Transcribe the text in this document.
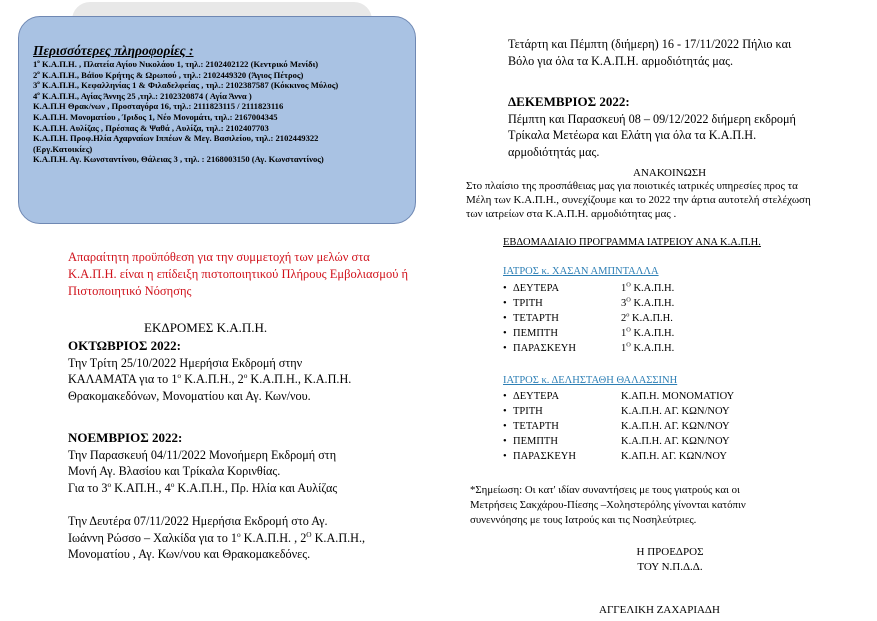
Περισσότερες πληροφορίες :
$1^o$ Κ.Α.Π.Η. , Πλατεία Αγίου Νικολάου 1, τηλ.: 2102402122 (Κεντρικό Μενίδι)
$2^o$ Κ.Α.Π.Η., Βάϊου Κρήτης & Ωρωπού , τηλ.: 2102449320 (Άγιος Πέτρος)
$3^o$ Κ.Α.Π.Η., Κεφαλληνίας 1 & Φιλαδελφείας , τηλ.: 2102387587 (Κόκκινος Μύλος)
$4^o$ Κ.Α.Π.Η., Αγίας Άννης 25 ,τηλ.: 2102320874 ( Αγία Άννα )
Κ.Α.Π.Η Θρακ/νων , Προσταγόρα 16, τηλ.: 2111823115 / 2111823116
Κ.Α.Π.Η. Μονοματίου , Ίριδος 1, Νέο Μονομάτι, τηλ.: 2167004345
Κ.Α.Π.Η. Αυλίζας , Πρέσπας & Ψαθά , Αυλίζα, τηλ.: 2102407703
Κ.Α.Π.Η. Προφ.Ηλία Αχαρναίων Ιππέων & Μεγ. Βασιλείου, τηλ.: 2102449322 (Εργ.Κατοικίες)
Κ.Α.Π.Η. Αγ. Κωνσταντίνου, Θάλειας 3 , τηλ. : 2168003150 (Αγ. Κωνσταντίνος)
Απαραίτητη προϋπόθεση για την συμμετοχή των μελών στα Κ.Α.Π.Η. είναι η επίδειξη πιστοποιητικού Πλήρους Εμβολιασμού ή Πιστοποιητικό Νόσησης
ΕΚΔΡΟΜΕΣ Κ.Α.Π.Η.
ΟΚΤΩΒΡΙΟΣ 2022:
Την Τρίτη 25/10/2022 Ημερήσια Εκδρομή στην
ΚΑΛΑΜΑΤΑ για το $1^o$ Κ.Α.Π.Η., $2^o$ Κ.Α.Π.Η., Κ.Α.Π.Η.
Θρακομακεδόνων, Μονοματίου και Αγ. Κων/νου.
ΝΟΕΜΒΡΙΟΣ 2022:
Την Παρασκευή 04/11/2022 Μονοήμερη Εκδρομή στη
Μονή Αγ. Βλασίου και Τρίκαλα Κορινθίας.
Για το $3^o$ Κ.ΑΠ.Η., $4^o$ Κ.Α.Π.Η., Πρ. Ηλία και Αυλίζας
Την Δευτέρα 07/11/2022 Ημερήσια Εκδρομή στο Αγ.
Ιωάννη Ρώσσο – Χαλκίδα για το $1^o$ Κ.Α.Π.Η. , $2^O$ Κ.Α.Π.Η.,
Μονοματίου , Αγ. Κων/νου και Θρακομακεδόνες.
Τετάρτη και Πέμπτη (διήμερη) 16 - 17/11/2022 Πήλιο και
Βόλο για όλα τα Κ.Α.Π.Η. αρμοδιότητάς μας.
ΔΕΚΕΜΒΡΙΟΣ 2022:
Πέμπτη και Παρασκευή 08 – 09/12/2022 διήμερη εκδρομή
Τρίκαλα Μετέωρα και Ελάτη για όλα τα Κ.Α.Π.Η.
αρμοδιότητάς μας.
ΑΝΑΚΟΙΝΩΣΗ
Στο πλαίσιο της προσπάθειας μας για ποιοτικές ιατρικές υπηρεσίες προς τα
Μέλη των Κ.Α.Π.Η., συνεχίζουμε και το 2022 την άρτια αυτοτελή στελέχωση
των ιατρείων στα Κ.Α.Π.Η. αρμοδιότητας μας .
ΕΒΔΟΜΑΔΙΑΙΟ ΠΡΟΓΡΑΜΜΑ ΙΑΤΡΕΙΟΥ ΑΝΑ Κ.Α.Π.Η.
ΙΑΤΡΟΣ κ. ΧΑΣΑΝ ΑΜΠΝΤΑΛΛΑ
• ΔΕΥΤΕΡΑ	$1^O$ Κ.Α.Π.Η.
• ΤΡΙΤΗ	$3^O$ Κ.Α.Π.Η.
• ΤΕΤΑΡΤΗ	$2^o$ Κ.Α.Π.Η.
• ΠΕΜΠΤΗ	$1^O$ Κ.Α.Π.Η.
• ΠΑΡΑΣΚΕΥΗ	$1^O$ Κ.Α.Π.Η.
ΙΑΤΡΟΣ κ. ΔΕΛΗΣΤΑΘΗ ΘΑΛΑΣΣΙΝΗ
• ΔΕΥΤΕΡΑ	Κ.ΑΠ.Η. ΜΟΝΟΜΑΤΙΟΥ
• ΤΡΙΤΗ	Κ.Α.Π.Η. ΑΓ. ΚΩΝ/ΝΟΥ
• ΤΕΤΑΡΤΗ	Κ.Α.Π.Η. ΑΓ. ΚΩΝ/ΝΟΥ
• ΠΕΜΠΤΗ	Κ.Α.Π.Η. ΑΓ. ΚΩΝ/ΝΟΥ
• ΠΑΡΑΣΚΕΥΗ	Κ.ΑΠ.Η. ΑΓ. ΚΩΝ/ΝΟΥ
*Σημείωση: Οι κατ' ιδίαν συναντήσεις με τους γιατρούς και οι
Μετρήσεις Σακχάρου-Πίεσης –Χοληστερόλης γίνονται κατόπιν
συνεννόησης με τους Ιατρούς και τις Νοσηλεύτριες.
Η ΠΡΟΕΔΡΟΣ
ΤΟΥ Ν.Π.Δ.Δ.
ΑΓΓΕΛΙΚΗ ΖΑΧΑΡΙΑΔΗ
